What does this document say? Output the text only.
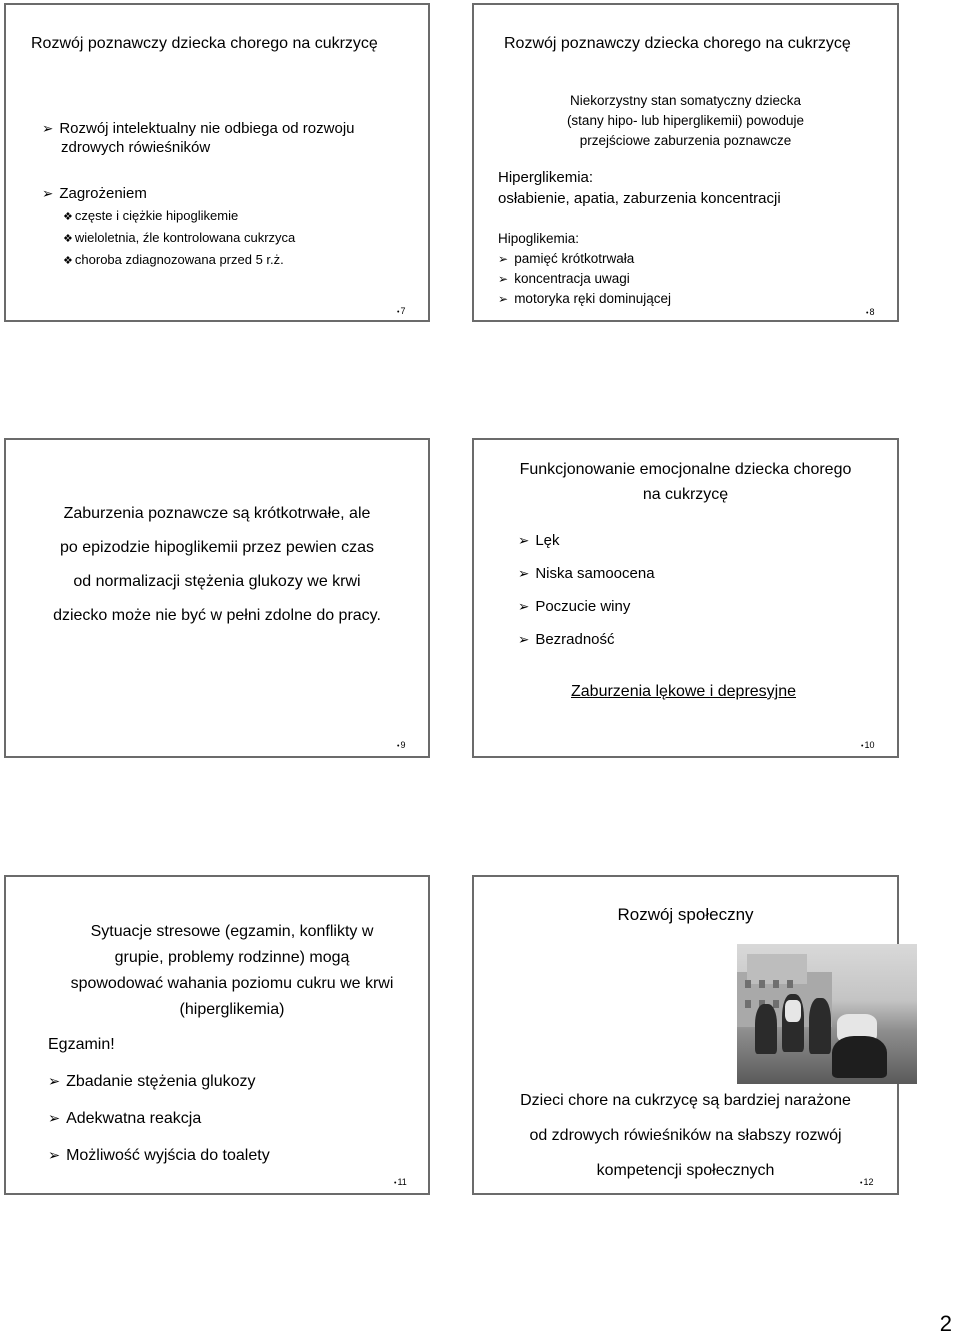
Rozwój poznawczy dziecka chorego na cukrzycę
➢ Rozwój intelektualny nie odbiega od rozwoju
zdrowych rówieśników
➢ Zagrożeniem
❖ częste i ciężkie hipoglikemie
❖ wieloletnia, źle kontrolowana cukrzyca
❖ choroba zdiagnozowana przed 5 r.ż.
• 7
Rozwój poznawczy dziecka chorego na cukrzycę
Niekorzystny stan somatyczny dziecka
(stany hipo- lub hiperglikemii) powoduje
przejściowe zaburzenia poznawcze
Hiperglikemia:
osłabienie, apatia, zaburzenia koncentracji
Hipoglikemia:
➢ pamięć krótkotrwała
➢ koncentracja uwagi
➢ motoryka ręki dominującej
• 8
Zaburzenia poznawcze są krótkotrwałe, ale
po epizodzie hipoglikemii przez pewien czas
od normalizacji stężenia glukozy we krwi
dziecko może nie być w pełni zdolne do pracy.
• 9
Funkcjonowanie emocjonalne dziecka chorego
na cukrzycę
➢ Lęk
➢ Niska samoocena
➢ Poczucie winy
➢ Bezradność
Zaburzenia lękowe i depresyjne
• 10
Sytuacje stresowe (egzamin, konflikty w
grupie, problemy rodzinne) mogą
spowodować wahania poziomu cukru we krwi
(hiperglikemia)
Egzamin!
➢ Zbadanie stężenia glukozy
➢ Adekwatna reakcja
➢ Możliwość wyjścia do toalety
• 11
Rozwój społeczny
Dzieci chore na cukrzycę są bardziej narażone
od zdrowych rówieśników na słabszy rozwój
kompetencji społecznych
• 12
2
